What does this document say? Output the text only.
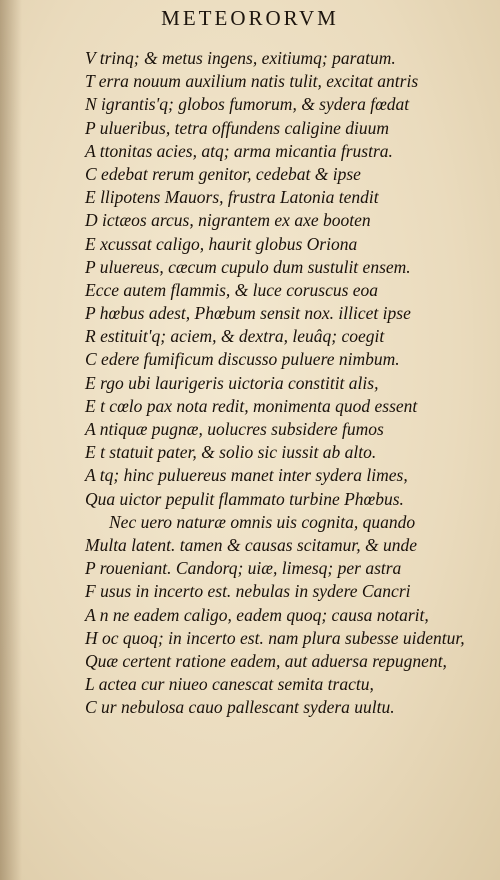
METEORORVM
V trinq; & metus ingens, exitiumq; paratum.
T erra nouum auxilium natis tulit, excitat antris
N igrantis'q; globos fumorum, & sydera fœdat
P ulueribus, tetra offundens caligine diuum
A ttonitas acies, atq; arma micantia frustra.
C edebat rerum genitor, cedebat & ipse
E llipotens Mauors, frustra Latonia tendit
D ictæos arcus, nigrantem ex axe booten
E xcussat caligo, haurit globus Oriona
P uluereus, cæcum cupulo dum sustulit ensem.
Ecce autem flammis, & luce coruscus eoa
P hœbus adest, Phœbum sensit nox. illicet ipse
R estituit'q; aciem, & dextra, leuâq; coegit
C edere fumificum discusso puluere nimbum.
E rgo ubi laurigeris uictoria constitit alis,
E t cœlo pax nota redit, monimenta quod essent
A ntiquæ pugnæ, uolucres subsidere fumos
E t statuit pater, & solio sic iussit ab alto.
A tq; hinc puluereus manet inter sydera limes,
Qua uictor pepulit flammato turbine Phœbus.
Nec uero naturæ omnis uis cognita, quando
Multa latent. tamen & causas scitamur, & unde
P roueniant. Candorq; uiæ, limesq; per astra
F usus in incerto est. nebulas in sydere Cancri
A n ne eadem caligo, eadem quoq; causa notarit,
H oc quoq; in incerto est. nam plura subesse uidentur,
Quæ certent ratione eadem, aut aduersa repugnent,
L actea cur niueo canescat semita tractu,
C ur nebulosa cauo pallescant sydera uultu.
